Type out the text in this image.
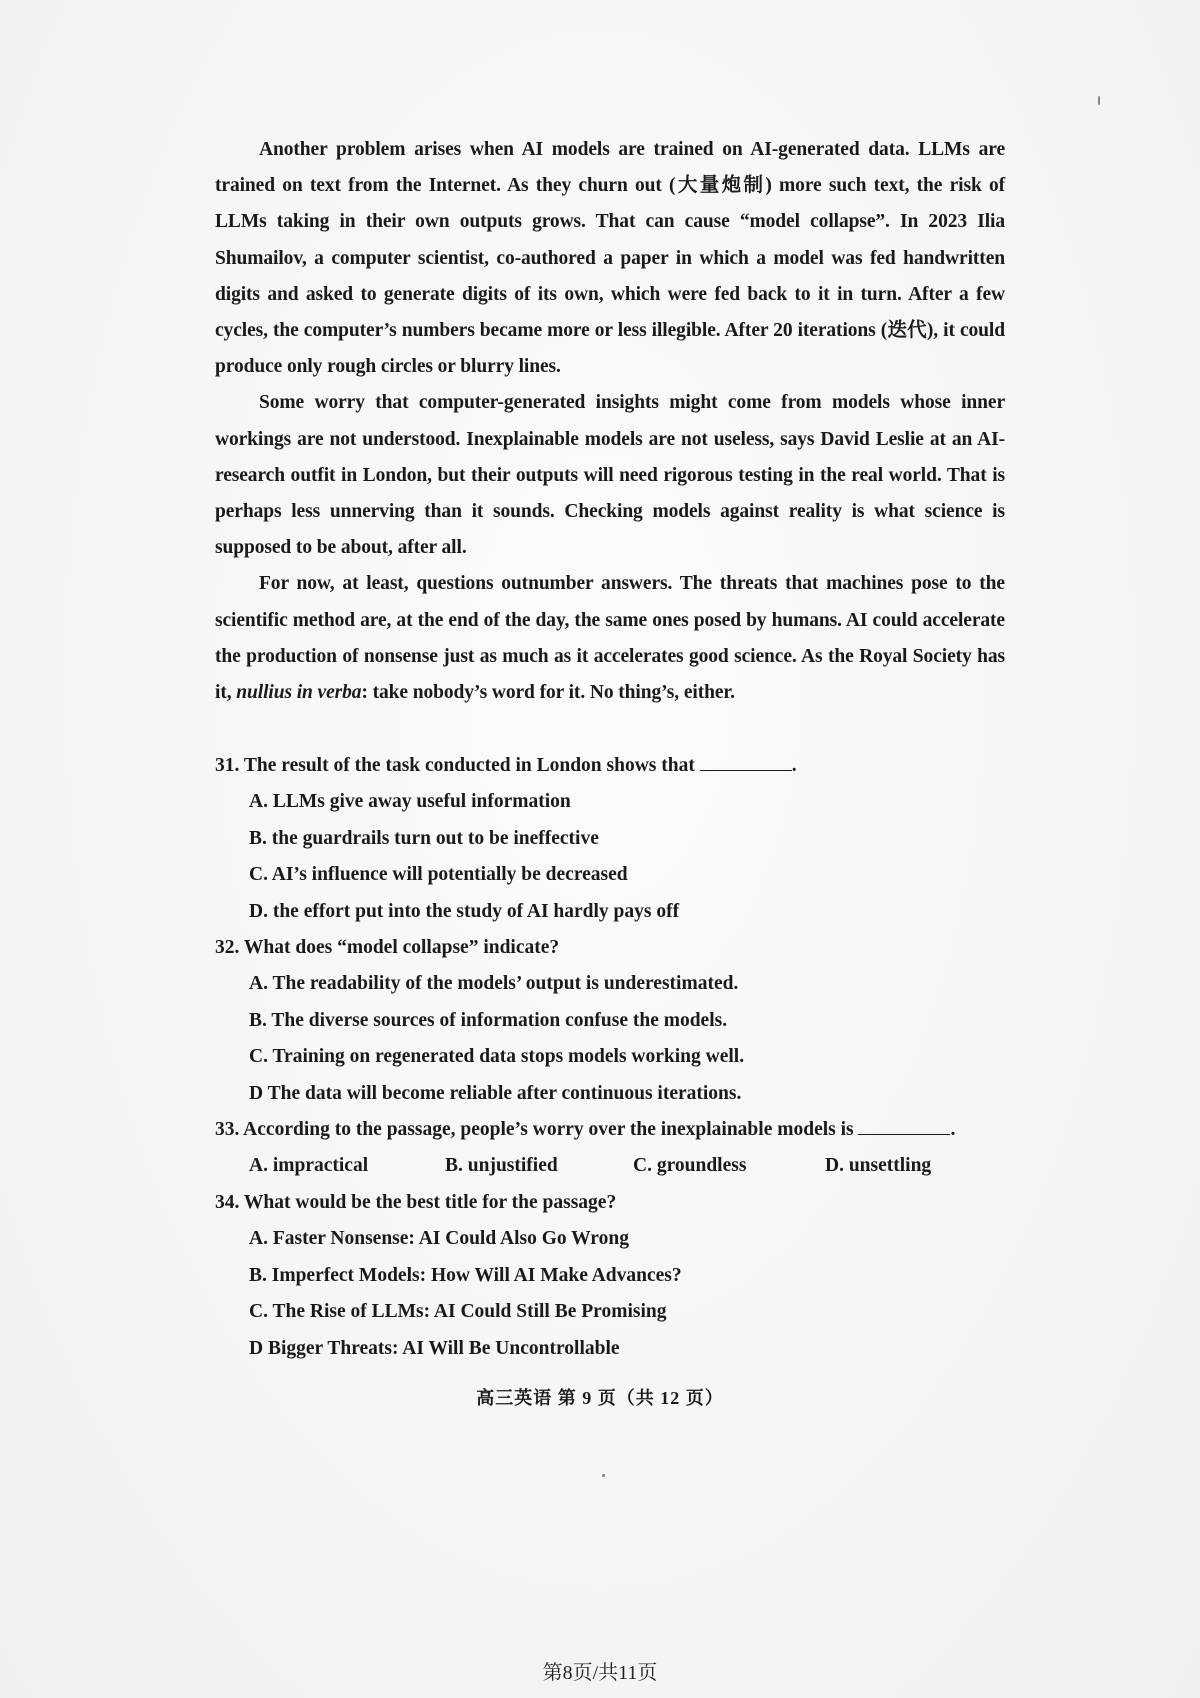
Another problem arises when AI models are trained on AI-generated data. LLMs are trained on text from the Internet. As they churn out (大量炮制) more such text, the risk of LLMs taking in their own outputs grows. That can cause “model collapse”. In 2023 Ilia Shumailov, a computer scientist, co-authored a paper in which a model was fed handwritten digits and asked to generate digits of its own, which were fed back to it in turn. After a few cycles, the computer’s numbers became more or less illegible. After 20 iterations (迭代), it could produce only rough circles or blurry lines.

Some worry that computer-generated insights might come from models whose inner workings are not understood. Inexplainable models are not useless, says David Leslie at an AI-research outfit in London, but their outputs will need rigorous testing in the real world. That is perhaps less unnerving than it sounds. Checking models against reality is what science is supposed to be about, after all.

For now, at least, questions outnumber answers. The threats that machines pose to the scientific method are, at the end of the day, the same ones posed by humans. AI could accelerate the production of nonsense just as much as it accelerates good science. As the Royal Society has it, nullius in verba: take nobody’s word for it. No thing’s, either.

31. The result of the task conducted in London shows that	.
A. LLMs give away useful information
B. the guardrails turn out to be ineffective
C. AI’s influence will potentially be decreased
D. the effort put into the study of AI hardly pays off
32. What does “model collapse” indicate?
A. The readability of the models’ output is underestimated.
B. The diverse sources of information confuse the models.
C. Training on regenerated data stops models working well.
D The data will become reliable after continuous iterations.
33. According to the passage, people’s worry over the inexplainable models is	.
A. impractical	B. unjustified	C. groundless	D. unsettling
34. What would be the best title for the passage?
A. Faster Nonsense: AI Could Also Go Wrong
B. Imperfect Models: How Will AI Make Advances?
C. The Rise of LLMs: AI Could Still Be Promising
D Bigger Threats: AI Will Be Uncontrollable
高三英语 第 9 页（共 12 页）
第8页/共11页
